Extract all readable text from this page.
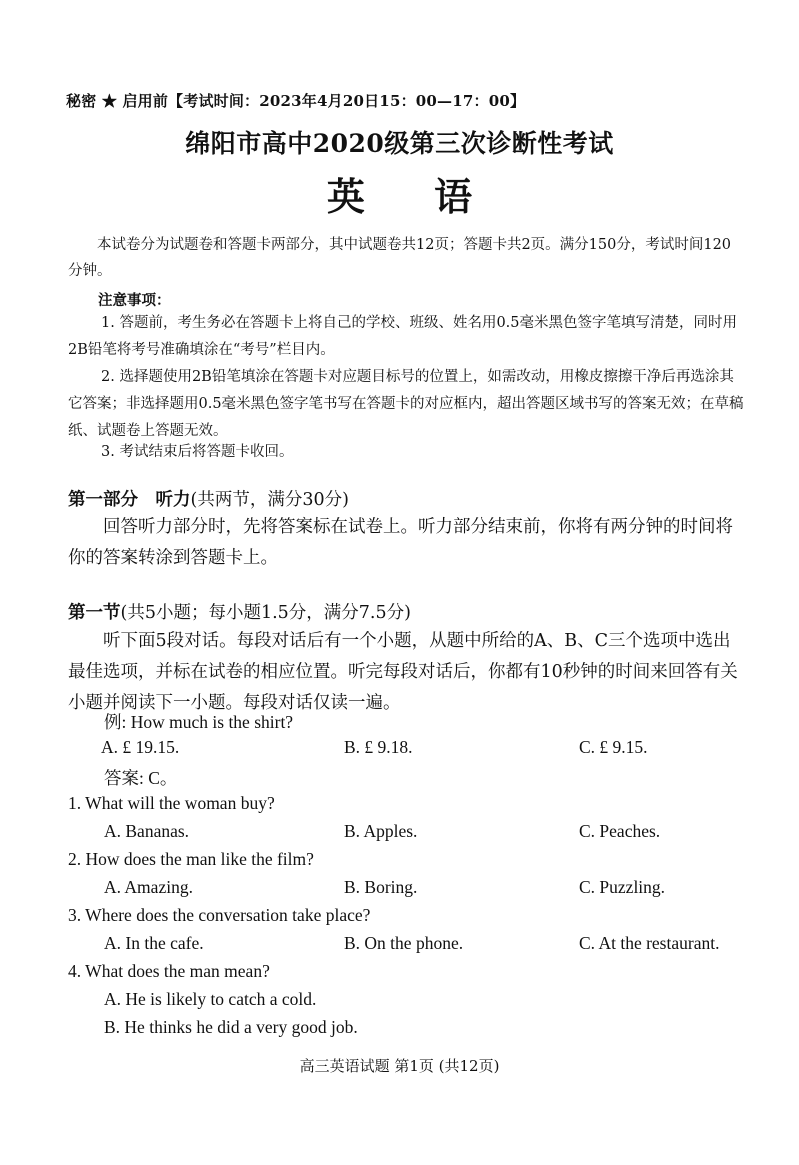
秘密 ★ 启用前【考试时间：2023年4月20日15：00—17：00】
绵阳市高中2020级第三次诊断性考试
英 语
本试卷分为试题卷和答题卡两部分，其中试题卷共12页；答题卡共2页。满分150分，考试时间120分钟。
注意事项：
1. 答题前，考生务必在答题卡上将自己的学校、班级、姓名用0.5毫米黑色签字笔填写清楚，同时用2B铅笔将考号准确填涂在“考号”栏目内。
2. 选择题使用2B铅笔填涂在答题卡对应题目标号的位置上，如需改动，用橡皮擦擦干净后再选涂其它答案；非选择题用0.5毫米黑色签字笔书写在答题卡的对应框内，超出答题区域书写的答案无效；在草稿纸、试题卷上答题无效。
3. 考试结束后将答题卡收回。
第一部分　听力(共两节，满分30分)
回答听力部分时，先将答案标在试卷上。听力部分结束前，你将有两分钟的时间将你的答案转涂到答题卡上。
第一节(共5小题；每小题1.5分，满分7.5分)
听下面5段对话。每段对话后有一个小题，从题中所给的A、B、C三个选项中选出最佳选项，并标在试卷的相应位置。听完每段对话后，你都有10秒钟的时间来回答有关小题并阅读下一小题。每段对话仅读一遍。
例: How much is the shirt?
A. £ 19.15.	B. £ 9.18.	C. £ 9.15.
答案: C。
1. What will the woman buy?
A. Bananas.	B. Apples.	C. Peaches.
2. How does the man like the film?
A. Amazing.	B. Boring.	C. Puzzling.
3. Where does the conversation take place?
A. In the cafe.	B. On the phone.	C. At the restaurant.
4. What does the man mean?
A. He is likely to catch a cold.
B. He thinks he did a very good job.
高三英语试题 第1页 (共12页)
